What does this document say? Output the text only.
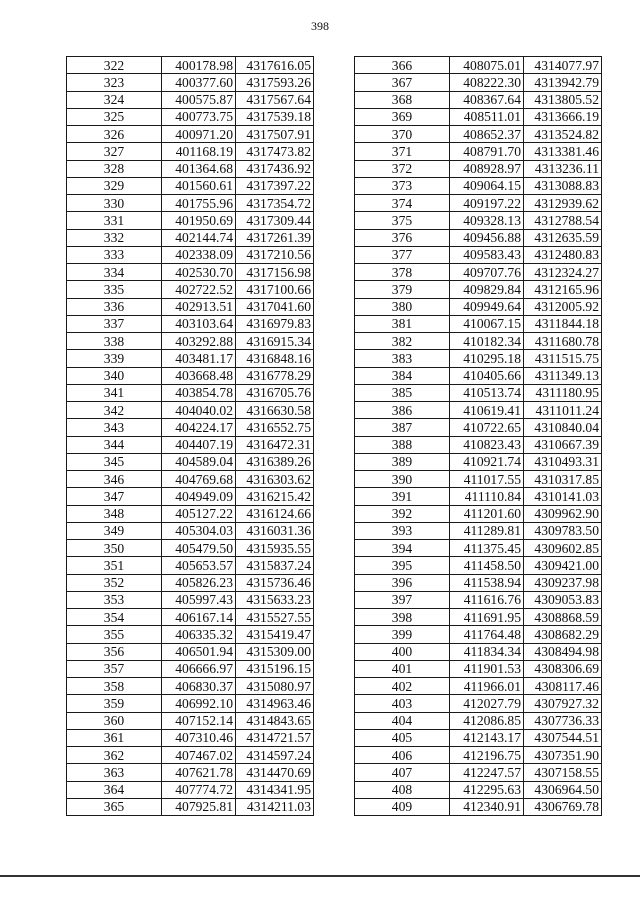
398
322	400178.98	4317616.05
323	400377.60	4317593.26
324	400575.87	4317567.64
325	400773.75	4317539.18
326	400971.20	4317507.91
327	401168.19	4317473.82
328	401364.68	4317436.92
329	401560.61	4317397.22
330	401755.96	4317354.72
331	401950.69	4317309.44
332	402144.74	4317261.39
333	402338.09	4317210.56
334	402530.70	4317156.98
335	402722.52	4317100.66
336	402913.51	4317041.60
337	403103.64	4316979.83
338	403292.88	4316915.34
339	403481.17	4316848.16
340	403668.48	4316778.29
341	403854.78	4316705.76
342	404040.02	4316630.58
343	404224.17	4316552.75
344	404407.19	4316472.31
345	404589.04	4316389.26
346	404769.68	4316303.62
347	404949.09	4316215.42
348	405127.22	4316124.66
349	405304.03	4316031.36
350	405479.50	4315935.55
351	405653.57	4315837.24
352	405826.23	4315736.46
353	405997.43	4315633.23
354	406167.14	4315527.55
355	406335.32	4315419.47
356	406501.94	4315309.00
357	406666.97	4315196.15
358	406830.37	4315080.97
359	406992.10	4314963.46
360	407152.14	4314843.65
361	407310.46	4314721.57
362	407467.02	4314597.24
363	407621.78	4314470.69
364	407774.72	4314341.95
365	407925.81	4314211.03
366	408075.01	4314077.97
367	408222.30	4313942.79
368	408367.64	4313805.52
369	408511.01	4313666.19
370	408652.37	4313524.82
371	408791.70	4313381.46
372	408928.97	4313236.11
373	409064.15	4313088.83
374	409197.22	4312939.62
375	409328.13	4312788.54
376	409456.88	4312635.59
377	409583.43	4312480.83
378	409707.76	4312324.27
379	409829.84	4312165.96
380	409949.64	4312005.92
381	410067.15	4311844.18
382	410182.34	4311680.78
383	410295.18	4311515.75
384	410405.66	4311349.13
385	410513.74	4311180.95
386	410619.41	4311011.24
387	410722.65	4310840.04
388	410823.43	4310667.39
389	410921.74	4310493.31
390	411017.55	4310317.85
391	411110.84	4310141.03
392	411201.60	4309962.90
393	411289.81	4309783.50
394	411375.45	4309602.85
395	411458.50	4309421.00
396	411538.94	4309237.98
397	411616.76	4309053.83
398	411691.95	4308868.59
399	411764.48	4308682.29
400	411834.34	4308494.98
401	411901.53	4308306.69
402	411966.01	4308117.46
403	412027.79	4307927.32
404	412086.85	4307736.33
405	412143.17	4307544.51
406	412196.75	4307351.90
407	412247.57	4307158.55
408	412295.63	4306964.50
409	412340.91	4306769.78
